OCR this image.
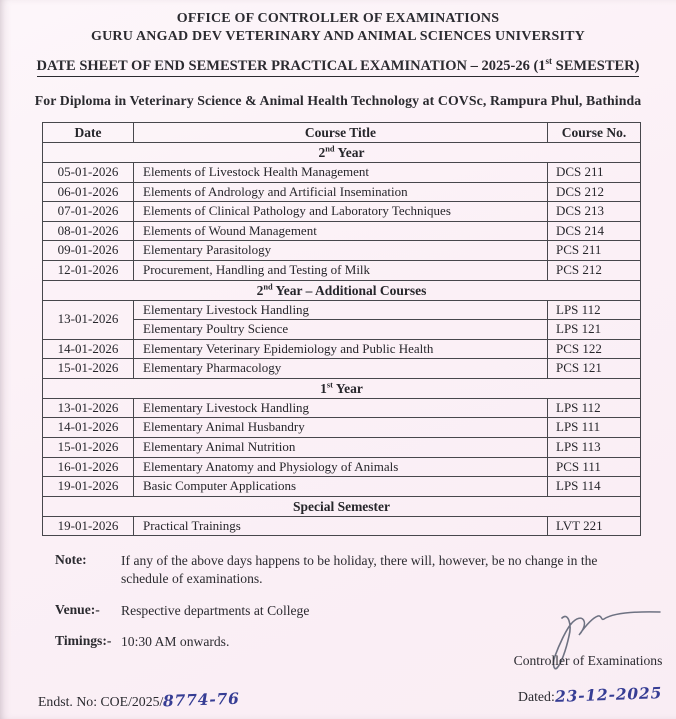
OFFICE OF CONTROLLER OF EXAMINATIONS
GURU ANGAD DEV VETERINARY AND ANIMAL SCIENCES UNIVERSITY
DATE SHEET OF END SEMESTER PRACTICAL EXAMINATION – 2025-26 (1st SEMESTER)
For Diploma in Veterinary Science & Animal Health Technology at COVSc, Rampura Phul, Bathinda
Date	Course Title	Course No.
2nd Year		
05-01-2026	Elements of Livestock Health Management	DCS 211
06-01-2026	Elements of Andrology and Artificial Insemination	DCS 212
07-01-2026	Elements of Clinical Pathology and Laboratory Techniques	DCS 213
08-01-2026	Elements of Wound Management	DCS 214
09-01-2026	Elementary Parasitology	PCS 211
12-01-2026	Procurement, Handling and Testing of Milk	PCS 212
2nd Year – Additional Courses		
13-01-2026	Elementary Livestock Handling	LPS 112
	Elementary Poultry Science	LPS 121
14-01-2026	Elementary Veterinary Epidemiology and Public Health	PCS 122
15-01-2026	Elementary Pharmacology	PCS 121
1st Year		
13-01-2026	Elementary Livestock Handling	LPS 112
14-01-2026	Elementary Animal Husbandry	LPS 111
15-01-2026	Elementary Animal Nutrition	LPS 113
16-01-2026	Elementary Anatomy and Physiology of Animals	PCS 111
19-01-2026	Basic Computer Applications	LPS 114
Special Semester		
19-01-2026	Practical Trainings	LVT 221
Note:	If any of the above days happens to be holiday, there will, however, be no change in the schedule of examinations.
Venue:-	Respective departments at College
Timings:- 10:30 AM onwards.
Controller of Examinations
Endst. No: COE/2025/8774-76	Dated:23-12-2025
